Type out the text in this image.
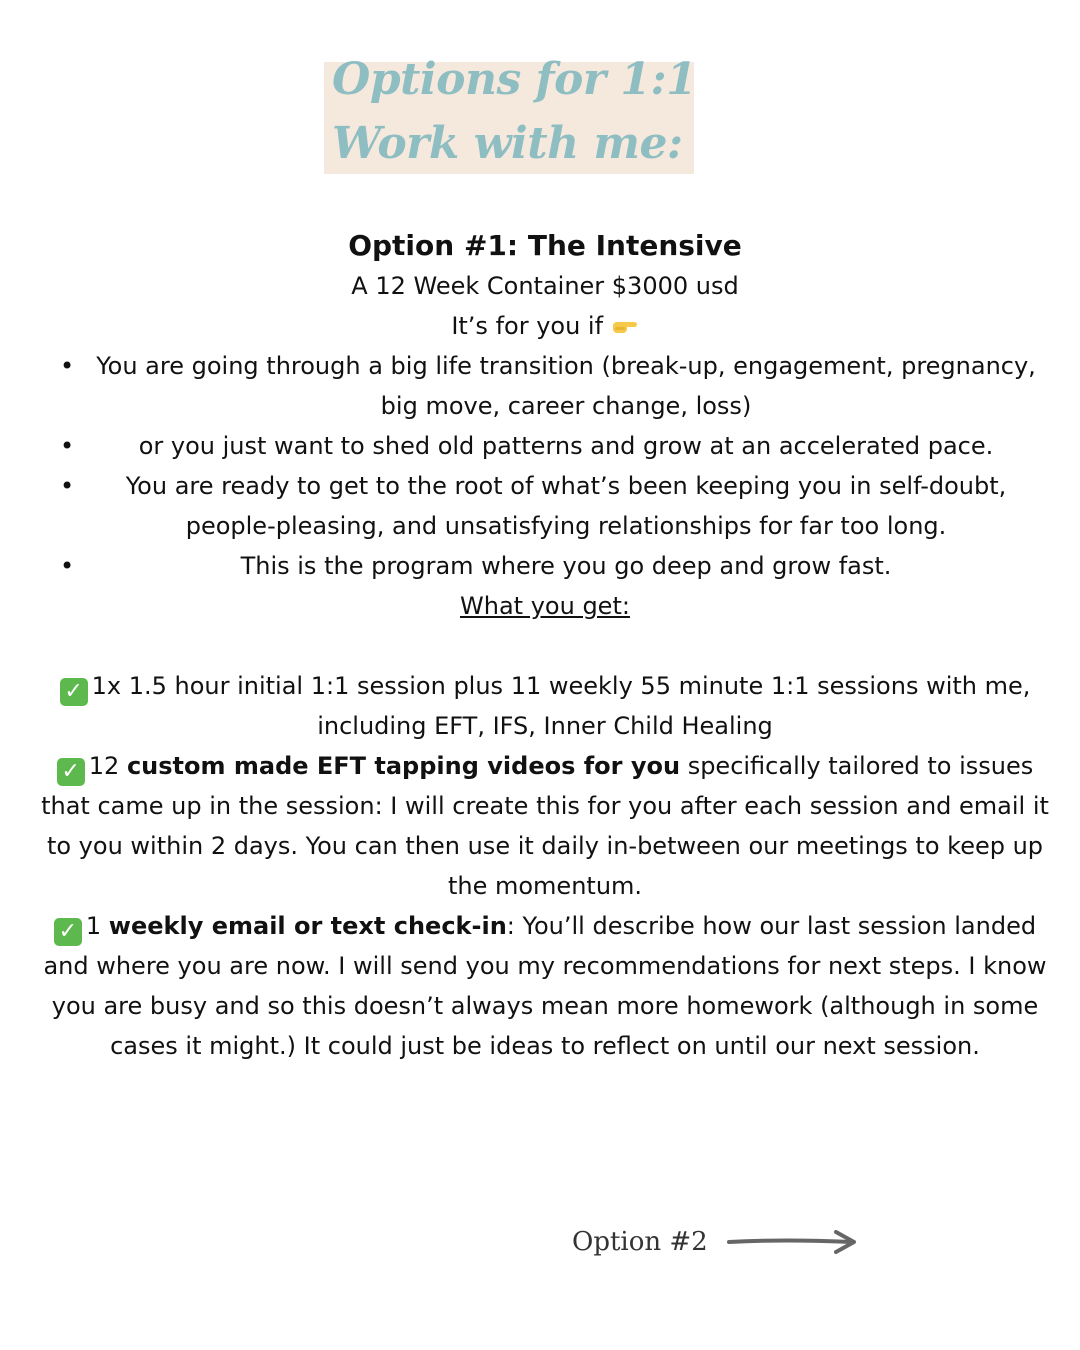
Options for 1:1
Work with me:

Option #1: The Intensive

A 12 Week Container $3000 usd

It’s for you if

• You are going through a big life transition (break-up, engagement, pregnancy, big move, career change, loss)
•	or you just want to shed old patterns and grow at an accelerated pace.
• You are ready to get to the root of what’s been keeping you in self-doubt, people-pleasing, and unsatisfying relationships for far too long.
•	This is the program where you go deep and grow fast.

What you get:

✓ 1x 1.5 hour initial 1:1 session plus 11 weekly 55 minute 1:1 sessions with me, including EFT, IFS, Inner Child Healing

✓ 12 custom made EFT tapping videos for you specifically tailored to issues that came up in the session: I will create this for you after each session and email it to you within 2 days. You can then use it daily in-between our meetings to keep up the momentum.

✓ 1 weekly email or text check-in: You’ll describe how our last session landed and where you are now. I will send you my recommendations for next steps. I know you are busy and so this doesn’t always mean more homework (although in some cases it might.) It could just be ideas to reflect on until our next session.

Option #2
